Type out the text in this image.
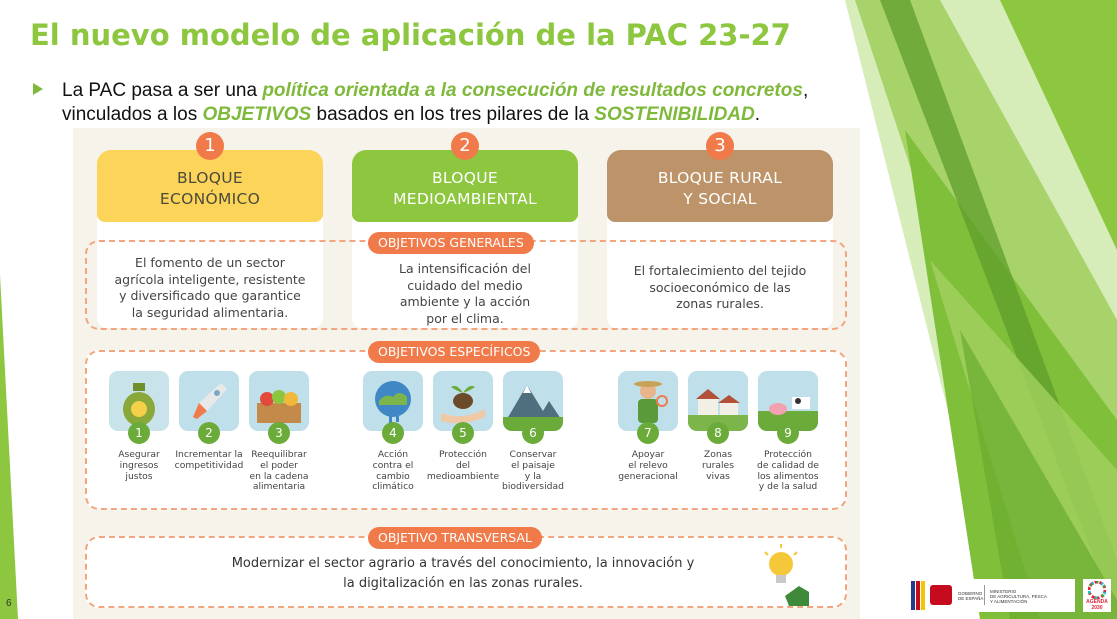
El nuevo modelo de aplicación de la PAC 23-27
La PAC pasa a ser una política orientada a la consecución de resultados concretos,
vinculados a los OBJETIVOS basados en los tres pilares de la SOSTENIBILIDAD.
BLOQUE
ECONÓMICO
BLOQUE
MEDIOAMBIENTAL
BLOQUE RURAL
Y SOCIAL
1	2	3
OBJETIVOS GENERALES
El fomento de un sector
agrícola inteligente, resistente
y diversificado que garantice
la seguridad alimentaria.
La intensificación del
cuidado del medio
ambiente y la acción
por el clima.
El fortalecimiento del tejido
socioeconómico de las
zonas rurales.
OBJETIVOS ESPECÍFICOS
1	2	3	4	5	6	7	8	9
Asegurar
ingresos
justos
Incrementar la
competitividad
Reequilibrar
el poder
en la cadena
alimentaria
Acción
contra el
cambio
climático
Protección
del
medioambiente
Conservar
el paisaje
y la
biodiversidad
Apoyar
el relevo
generacional
Zonas
rurales
vivas
Protección
de calidad de
los alimentos
y de la salud
OBJETIVO TRANSVERSAL
Modernizar el sector agrario a través del conocimiento, la innovación y
la digitalización en las zonas rurales.
6
GOBIERNO
DE ESPAÑA
MINISTERIO
DE AGRICULTURA, PESCA
Y ALIMENTACIÓN	AGENDA
2030
